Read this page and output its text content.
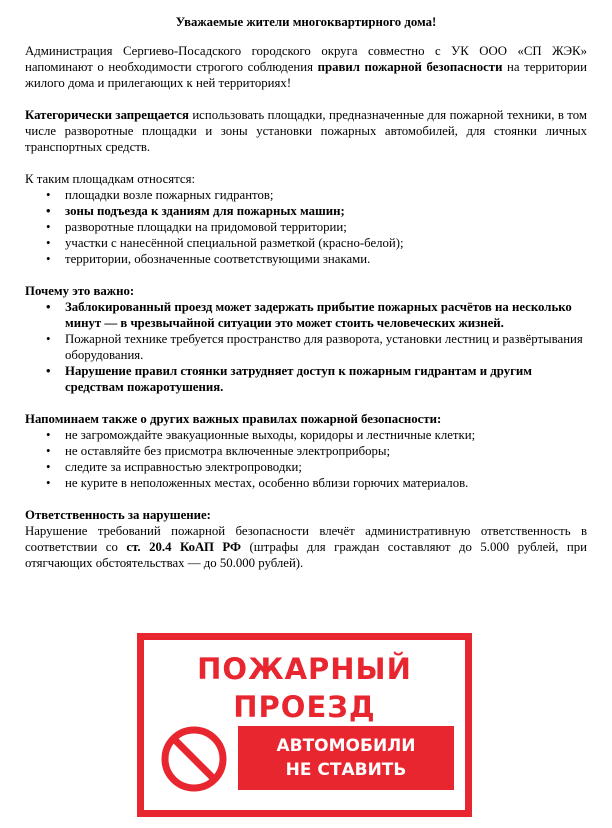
Уважаемые жители многоквартирного дома!

Администрация Сергиево-Посадского городского округа совместно с УК ООО «СП ЖЭК» напоминают о необходимости строгого соблюдения правил пожарной безопасности на территории жилого дома и прилегающих к ней территориях!

Категорически запрещается использовать площадки, предназначенные для пожарной техники, в том числе разворотные площадки и зоны установки пожарных автомобилей, для стоянки личных транспортных средств.

К таким площадкам относятся:

• площадки возле пожарных гидрантов;
• зоны подъезда к зданиям для пожарных машин;
• разворотные площадки на придомовой территории;
• участки с нанесённой специальной разметкой (красно-белой);
• территории, обозначенные соответствующими знаками.

Почему это важно:

• Заблокированный проезд может задержать прибытие пожарных расчётов на несколько минут — в чрезвычайной ситуации это может стоить человеческих жизней.
• Пожарной технике требуется пространство для разворота, установки лестниц и развёртывания оборудования.
• Нарушение правил стоянки затрудняет доступ к пожарным гидрантам и другим средствам пожаротушения.

Напоминаем также о других важных правилах пожарной безопасности:

• не загромождайте эвакуационные выходы, коридоры и лестничные клетки;
• не оставляйте без присмотра включенные электроприборы;
• следите за исправностью электропроводки;
• не курите в неположенных местах, особенно вблизи горючих материалов.

Ответственность за нарушение:

Нарушение требований пожарной безопасности влечёт административную ответственность в соответствии со ст. 20.4 КоАП РФ (штрафы для граждан составляют до 5.000 рублей, при отягчающих обстоятельствах — до 50.000 рублей).

ПОЖАРНЫЙ
ПРОЕЗД
АВТОМОБИЛИ
НЕ СТАВИТЬ
